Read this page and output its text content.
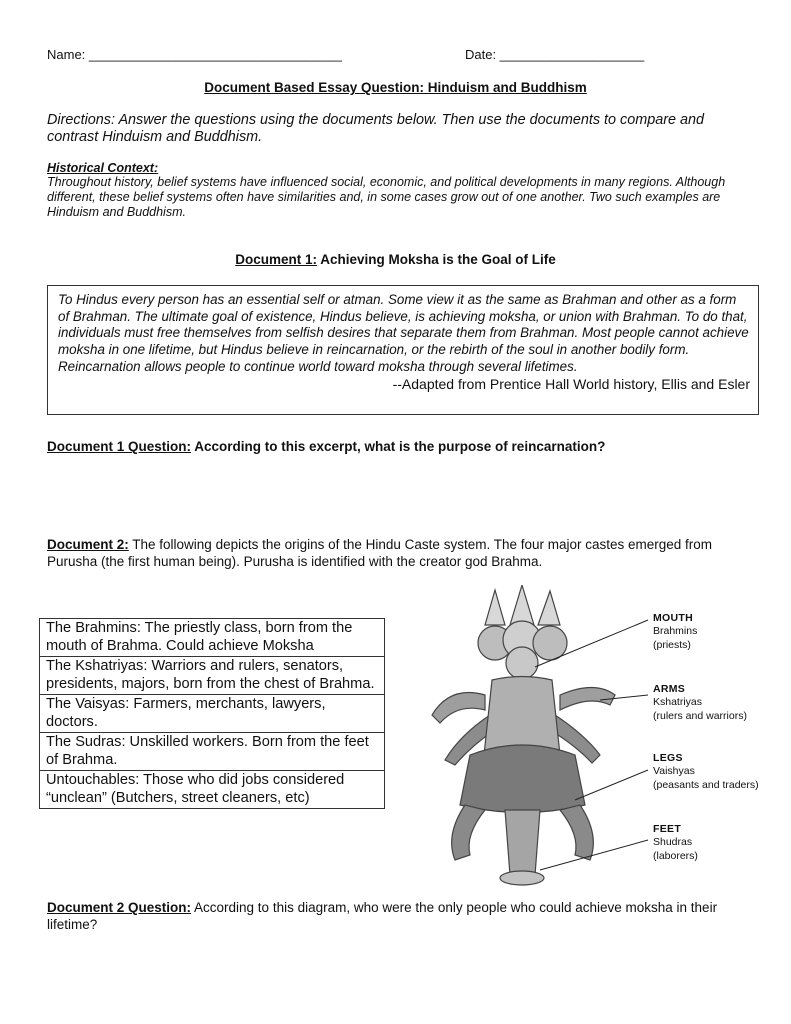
Name: ___________________________________	Date: ____________________
Document Based Essay Question: Hinduism and Buddhism
Directions: Answer the questions using the documents below. Then use the documents to compare and contrast Hinduism and Buddhism.
Historical Context:
Throughout history, belief systems have influenced social, economic, and political developments in many regions. Although different, these belief systems often have similarities and, in some cases grow out of one another. Two such examples are Hinduism and Buddhism.
Document 1: Achieving Moksha is the Goal of Life
To Hindus every person has an essential self or atman. Some view it as the same as Brahman and other as a form of Brahman. The ultimate goal of existence, Hindus believe, is achieving moksha, or union with Brahman. To do that, individuals must free themselves from selfish desires that separate them from Brahman. Most people cannot achieve moksha in one lifetime, but Hindus believe in reincarnation, or the rebirth of the soul in another bodily form. Reincarnation allows people to continue world toward moksha through several lifetimes.
--Adapted from Prentice Hall World history, Ellis and Esler
Document 1 Question: According to this excerpt, what is the purpose of reincarnation?
Document 2: The following depicts the origins of the Hindu Caste system. The four major castes emerged from Purusha (the first human being). Purusha is identified with the creator god Brahma.
The Brahmins: The priestly class, born from the mouth of Brahma. Could achieve Moksha
The Kshatriyas: Warriors and rulers, senators, presidents, majors, born from the chest of Brahma.
The Vaisyas: Farmers, merchants, lawyers, doctors.
The Sudras: Unskilled workers. Born from the feet of Brahma.
Untouchables: Those who did jobs considered “unclean” (Butchers, street cleaners, etc)
MOUTH
Brahmins
(priests)
ARMS
Kshatriyas
(rulers and warriors)
LEGS
Vaishyas
(peasants and traders)
FEET
Shudras
(laborers)
Document 2 Question: According to this diagram, who were the only people who could achieve moksha in their lifetime?
